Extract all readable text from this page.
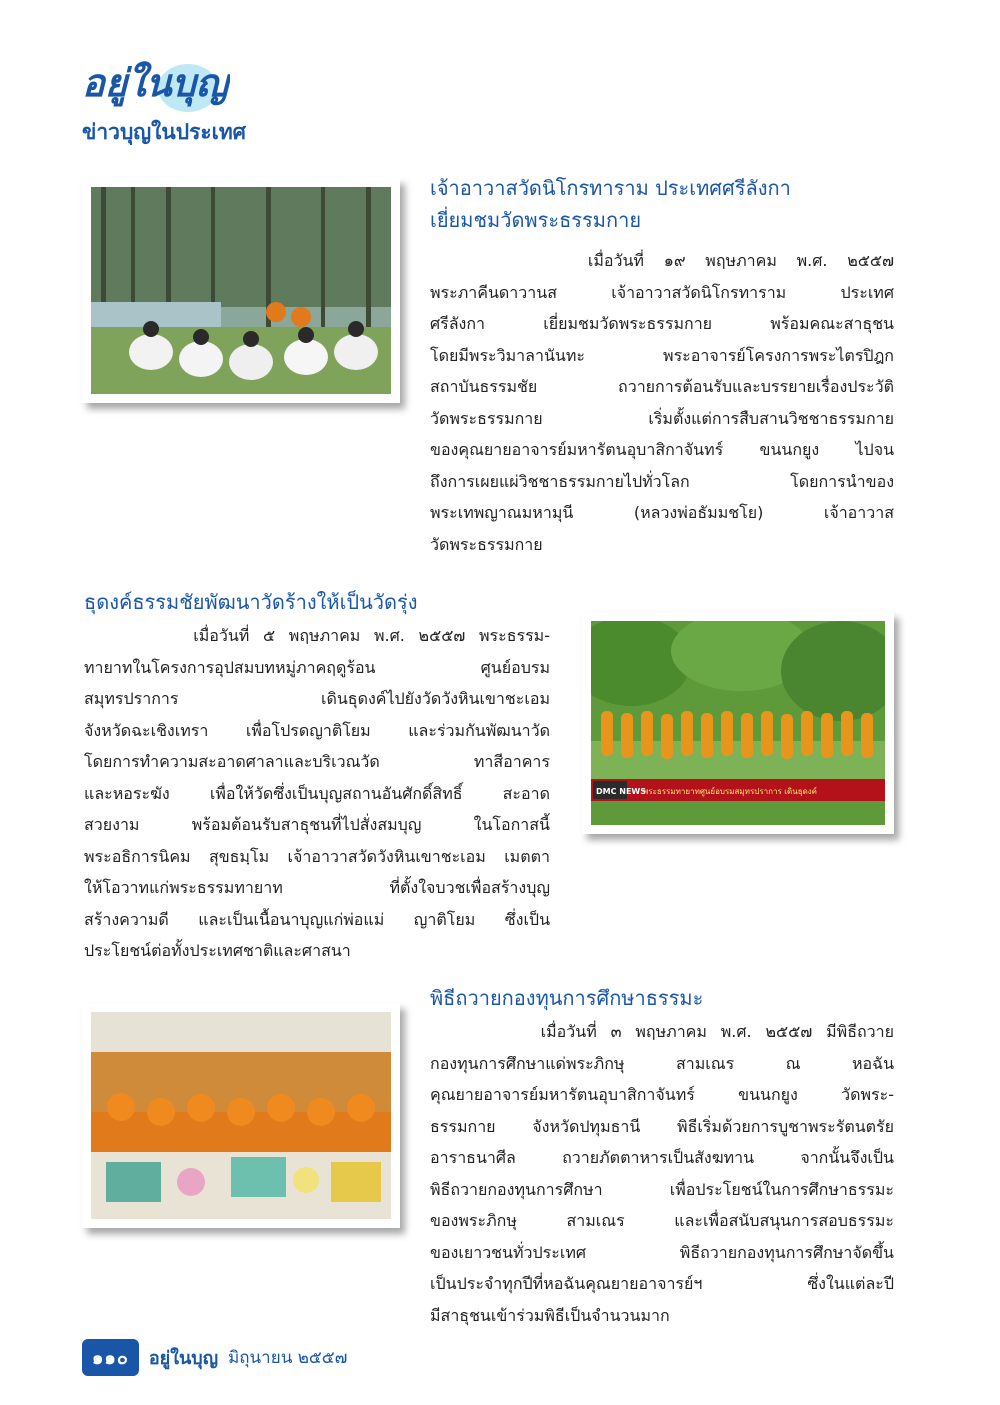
อยู่ในบุญ
ข่าวบุญในประเทศ
เจ้าอาวาสวัดนิโกรทาราม ประเทศศรีลังกา
เยี่ยมชมวัดพระธรรมกาย
เมื่อวันที่ ๑๙ พฤษภาคม พ.ศ. ๒๕๕๗
พระภาคีนดาวานส เจ้าอาวาสวัดนิโกรทาราม ประเทศ
ศรีลังกา เยี่ยมชมวัดพระธรรมกาย พร้อมคณะสาธุชน
โดยมีพระวิมาลานันทะ พระอาจารย์โครงการพระไตรปิฎก
สถาบันธรรมชัย ถวายการต้อนรับและบรรยายเรื่องประวัติ
วัดพระธรรมกาย เริ่มตั้งแต่การสืบสานวิชชาธรรมกาย
ของคุณยายอาจารย์มหารัตนอุบาสิกาจันทร์ ขนนกยูง ไปจน
ถึงการเผยแผ่วิชชาธรรมกายไปทั่วโลก โดยการนำของ
พระเทพญาณมหามุนี (หลวงพ่อธัมมชโย) เจ้าอาวาส
วัดพระธรรมกาย
ธุดงค์ธรรมชัยพัฒนาวัดร้างให้เป็นวัดรุ่ง
เมื่อวันที่ ๕ พฤษภาคม พ.ศ. ๒๕๕๗ พระธรรม-
ทายาทในโครงการอุปสมบทหมู่ภาคฤดูร้อน ศูนย์อบรม
สมุทรปราการ เดินธุดงค์ไปยังวัดวังหินเขาชะเอม
จังหวัดฉะเชิงเทรา เพื่อโปรดญาติโยม และร่วมกันพัฒนาวัด
โดยการทำความสะอาดศาลาและบริเวณวัด ทาสีอาคาร
และหอระฆัง เพื่อให้วัดซึ่งเป็นบุญสถานอันศักดิ์สิทธิ์ สะอาด
สวยงาม พร้อมต้อนรับสาธุชนที่ไปสั่งสมบุญ ในโอกาสนี้
พระอธิการนิคม สุขธมฺโม เจ้าอาวาสวัดวังหินเขาชะเอม เมตตา
ให้โอวาทแก่พระธรรมทายาท ที่ตั้งใจบวชเพื่อสร้างบุญ
สร้างความดี และเป็นเนื้อนาบุญแก่พ่อแม่ ญาติโยม ซึ่งเป็น
ประโยชน์ต่อทั้งประเทศชาติและศาสนา
DMC NEWS
พระธรรมทายาทศูนย์อบรมสมุทรปราการ เดินธุดงค์
พิธีถวายกองทุนการศึกษาธรรมะ
เมื่อวันที่ ๓ พฤษภาคม พ.ศ. ๒๕๕๗ มีพิธีถวาย
กองทุนการศึกษาแด่พระภิกษุ สามเณร ณ หอฉัน
คุณยายอาจารย์มหารัตนอุบาสิกาจันทร์ ขนนกยูง วัดพระ-
ธรรมกาย จังหวัดปทุมธานี พิธีเริ่มด้วยการบูชาพระรัตนตรัย
อาราธนาศีล ถวายภัตตาหารเป็นสังฆทาน จากนั้นจึงเป็น
พิธีถวายกองทุนการศึกษา เพื่อประโยชน์ในการศึกษาธรรมะ
ของพระภิกษุ สามเณร และเพื่อสนับสนุนการสอบธรรมะ
ของเยาวชนทั่วประเทศ พิธีถวายกองทุนการศึกษาจัดขึ้น
เป็นประจำทุกปีที่หอฉันคุณยายอาจารย์ฯ ซึ่งในแต่ละปี
มีสาธุชนเข้าร่วมพิธีเป็นจำนวนมาก
๑๑๐	อยู่ในบุญ มิถุนายน ๒๕๕๗
